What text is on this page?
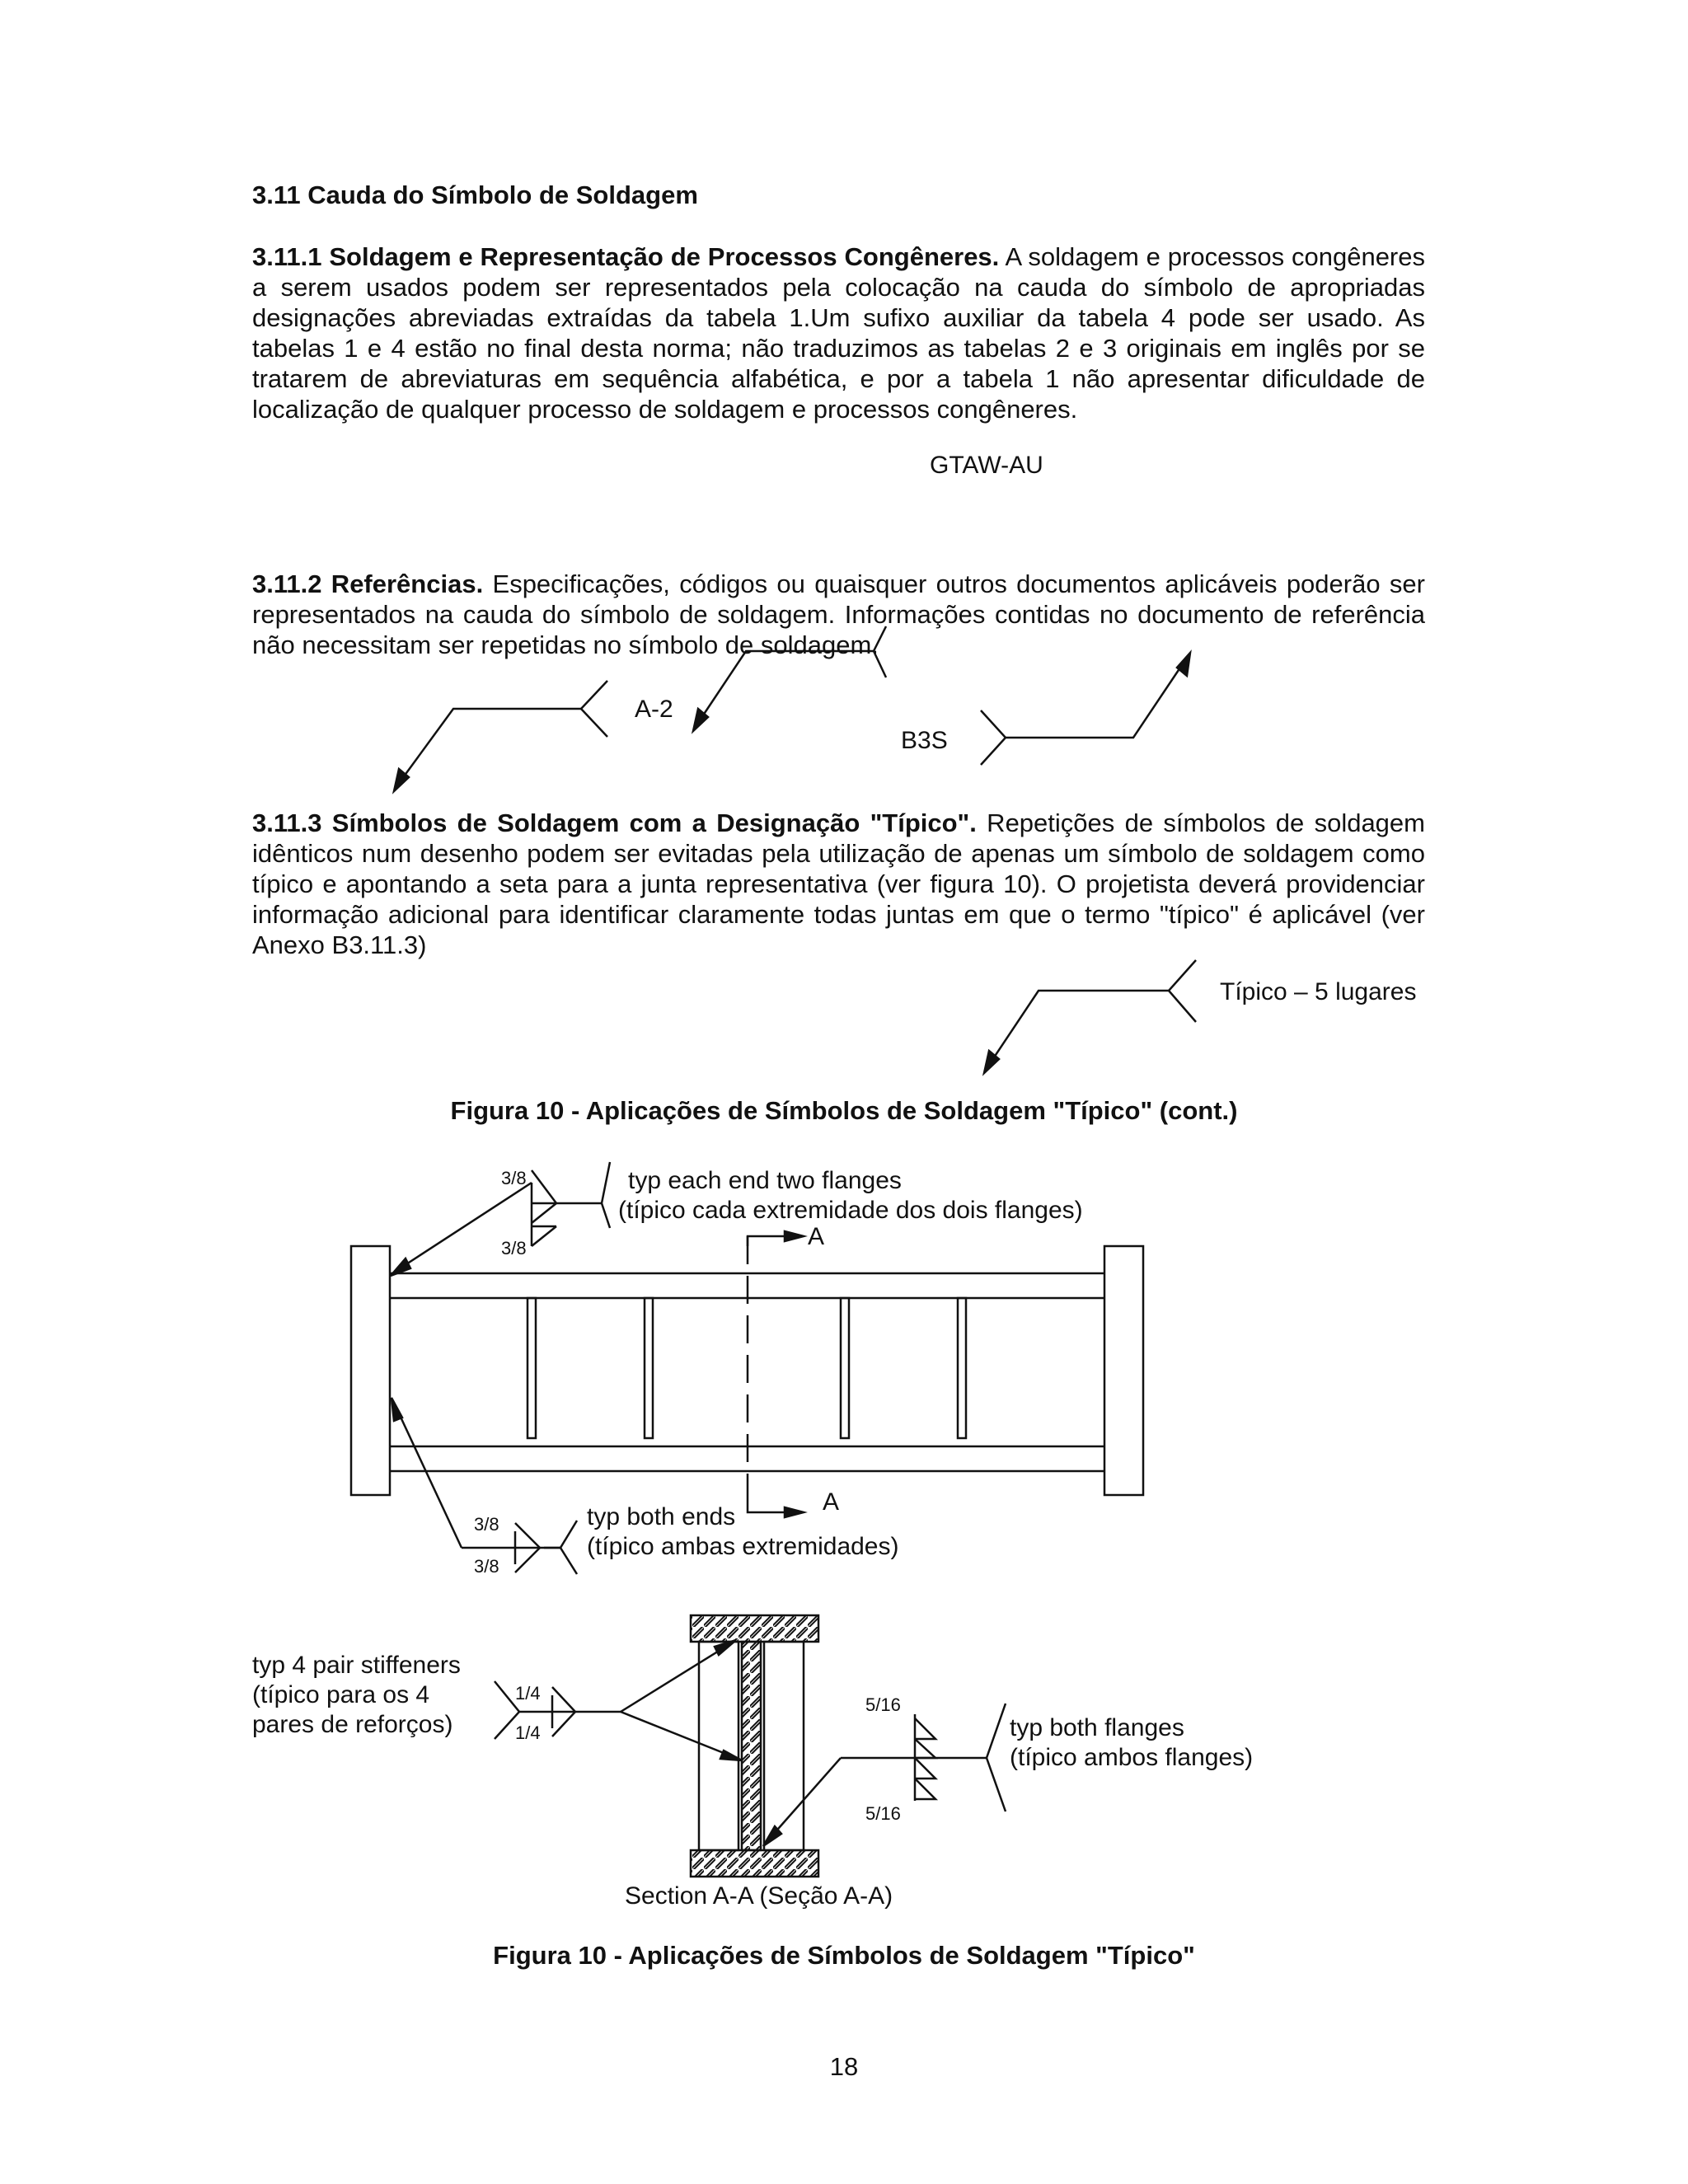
3.11 Cauda do Símbolo de Soldagem

3.11.1 Soldagem e Representação de Processos Congêneres. A soldagem e processos congêneres a serem usados podem ser representados pela colocação na cauda do símbolo de apropriadas designações abreviadas extraídas da tabela 1.Um sufixo auxiliar da tabela 4 pode ser usado. As tabelas 1 e 4 estão no final desta norma; não traduzimos as tabelas 2 e 3 originais em inglês por se tratarem de abreviaturas em sequência alfabética, e por a tabela 1 não apresentar dificuldade de localização de qualquer processo de soldagem e processos congêneres.

3.11.2 Referências. Especificações, códigos ou quaisquer outros documentos aplicáveis poderão ser representados na cauda do símbolo de soldagem. Informações contidas no documento de referência não necessitam ser repetidas no símbolo de soldagem.

3.11.3 Símbolos de Soldagem com a Designação "Típico". Repetições de símbolos de soldagem idênticos num desenho podem ser evitadas pela utilização de apenas um símbolo de soldagem como típico e apontando a seta para a junta representativa (ver figura 10). O projetista deverá providenciar informação adicional para identificar claramente todas juntas em que o termo "típico" é aplicável (ver Anexo B3.11.3)

Figura 10 - Aplicações de Símbolos de Soldagem "Típico" (cont.)

Figura 10 - Aplicações de Símbolos de Soldagem "Típico"

18
GTAW-AU
A-2
B3S
Típico – 5 lugares
A
A
3/8
3/8
typ each end two flanges
(típico cada extremidade dos dois flanges)
3/8
3/8
typ both ends
(típico ambas extremidades)
Section A-A (Seção A-A)
1/4
1/4
typ 4 pair stiffeners
(típico para os 4
pares de reforços)
5/16
5/16
typ both flanges
(típico ambos flanges)
